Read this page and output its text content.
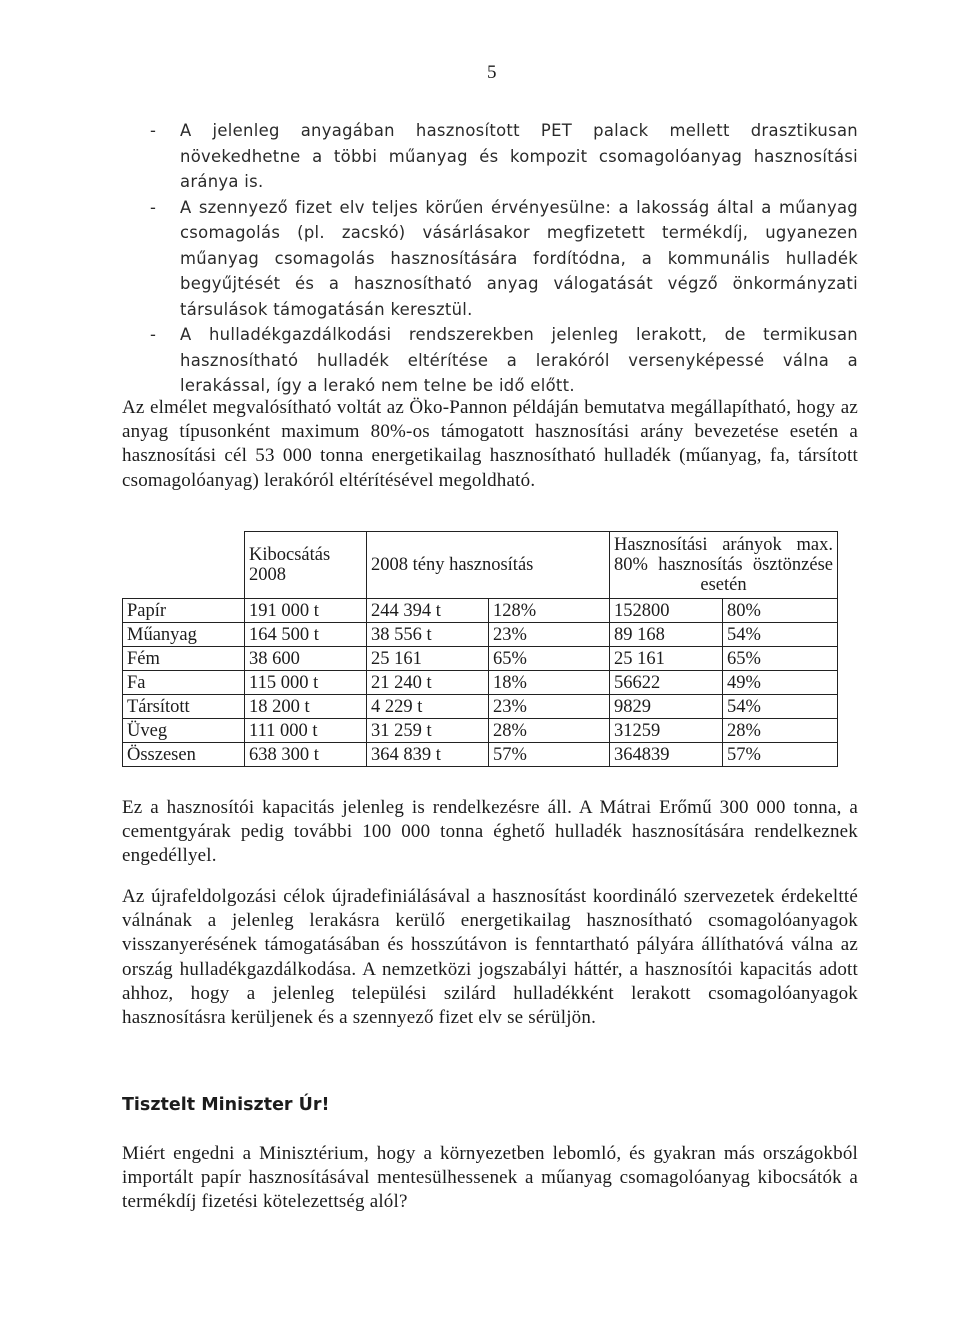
5
- A jelenleg anyagában hasznosított PET palack mellett drasztikusan növekedhetne a többi műanyag és kompozit csomagolóanyag hasznosítási aránya is.
- A szennyező fizet elv teljes körűen érvényesülne: a lakosság által a műanyag csomagolás (pl. zacskó) vásárlásakor megfizetett termékdíj, ugyanezen műanyag csomagolás hasznosítására fordítódna, a kommunális hulladék begyűjtését és a hasznosítható anyag válogatását végző önkormányzati társulások támogatásán keresztül.
- A hulladékgazdálkodási rendszerekben jelenleg lerakott, de termikusan hasznosítható hulladék eltérítése a lerakóról versenyképessé válna a lerakással, így a lerakó nem telne be idő előtt.
Az elmélet megvalósítható voltát az Öko-Pannon példáján bemutatva megállapítható, hogy az anyag típusonként maximum 80%-os támogatott hasznosítási arány bevezetése esetén a hasznosítási cél 53 000 tonna energetikailag hasznosítható hulladék (műanyag, fa, társított csomagolóanyag) lerakóról eltérítésével megoldható.
	Kibocsátás 2008	2008 tény hasznosítás		Hasznosítási arányok max. 80% hasznosítás ösztönzése esetén	
Papír	191 000 t	244 394 t	128%	152800	80%
Műanyag	164 500 t	38 556 t	23%	89 168	54%
Fém	38 600	25 161	65%	25 161	65%
Fa	115 000 t	21 240 t	18%	56622	49%
Társított	18 200 t	4 229 t	23%	9829	54%
Üveg	111 000 t	31 259 t	28%	31259	28%
Összesen	638 300 t	364 839 t	57%	364839	57%
Ez a hasznosítói kapacitás jelenleg is rendelkezésre áll. A Mátrai Erőmű 300 000 tonna, a cementgyárak pedig további 100 000 tonna éghető hulladék hasznosítására rendelkeznek engedéllyel.
Az újrafeldolgozási célok újradefiniálásával a hasznosítást koordináló szervezetek érdekeltté válnának a jelenleg lerakásra kerülő energetikailag hasznosítható csomagolóanyagok visszanyerésének támogatásában és hosszútávon is fenntartható pályára állíthatóvá válna az ország hulladékgazdálkodása. A nemzetközi jogszabályi háttér, a hasznosítói kapacitás adott ahhoz, hogy a jelenleg települési szilárd hulladékként lerakott csomagolóanyagok hasznosításra kerüljenek és a szennyező fizet elv se sérüljön.
Tisztelt Miniszter Úr!
Miért engedni a Minisztérium, hogy a környezetben lebomló, és gyakran más országokból importált papír hasznosításával mentesülhessenek a műanyag csomagolóanyag kibocsátók a termékdíj fizetési kötelezettség alól?
